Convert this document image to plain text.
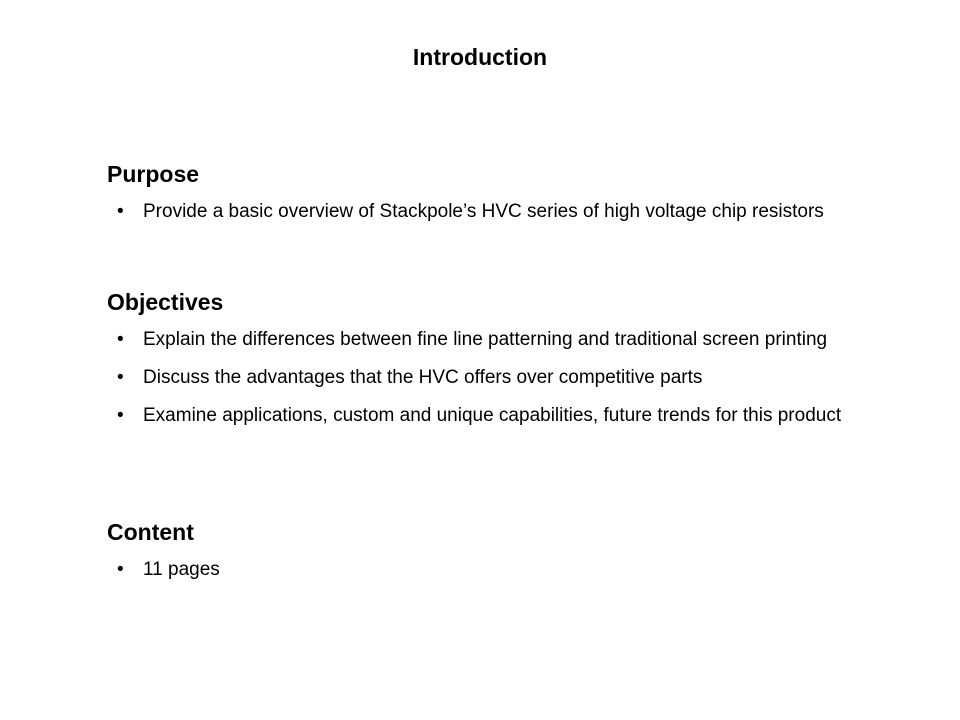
Introduction
Purpose
• Provide a basic overview of Stackpole’s HVC series of high voltage chip resistors
Objectives
• Explain the differences between fine line patterning and traditional screen printing
• Discuss the advantages that the HVC offers over competitive parts
• Examine applications, custom and unique capabilities, future trends for this product
Content
• 11 pages
